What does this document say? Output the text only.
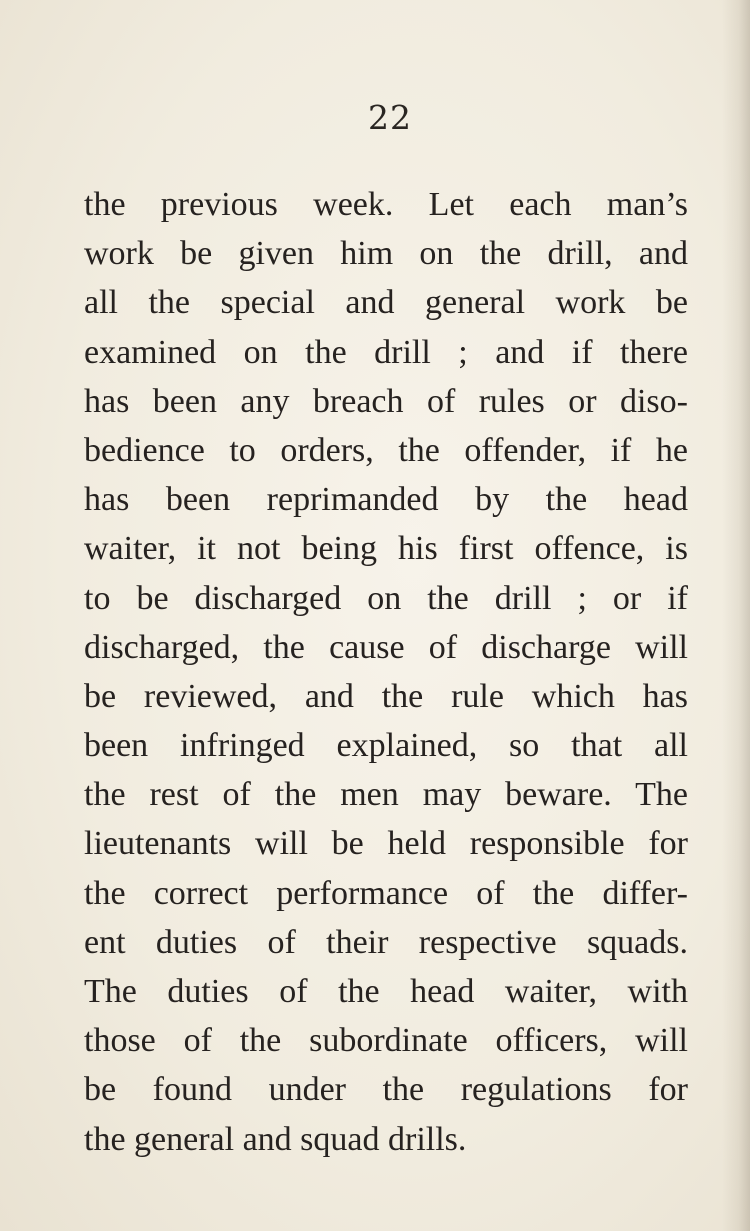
22
the previous week. Let each man’s
work be given him on the drill, and
all the special and general work be
examined on the drill ; and if there
has been any breach of rules or diso-
bedience to orders, the offender, if he
has been reprimanded by the head
waiter, it not being his first offence, is
to be discharged on the drill ; or if
discharged, the cause of discharge will
be reviewed, and the rule which has
been infringed explained, so that all
the rest of the men may beware. The
lieutenants will be held responsible for
the correct performance of the differ-
ent duties of their respective squads.
The duties of the head waiter, with
those of the subordinate officers, will
be found under the regulations for
the general and squad drills.
